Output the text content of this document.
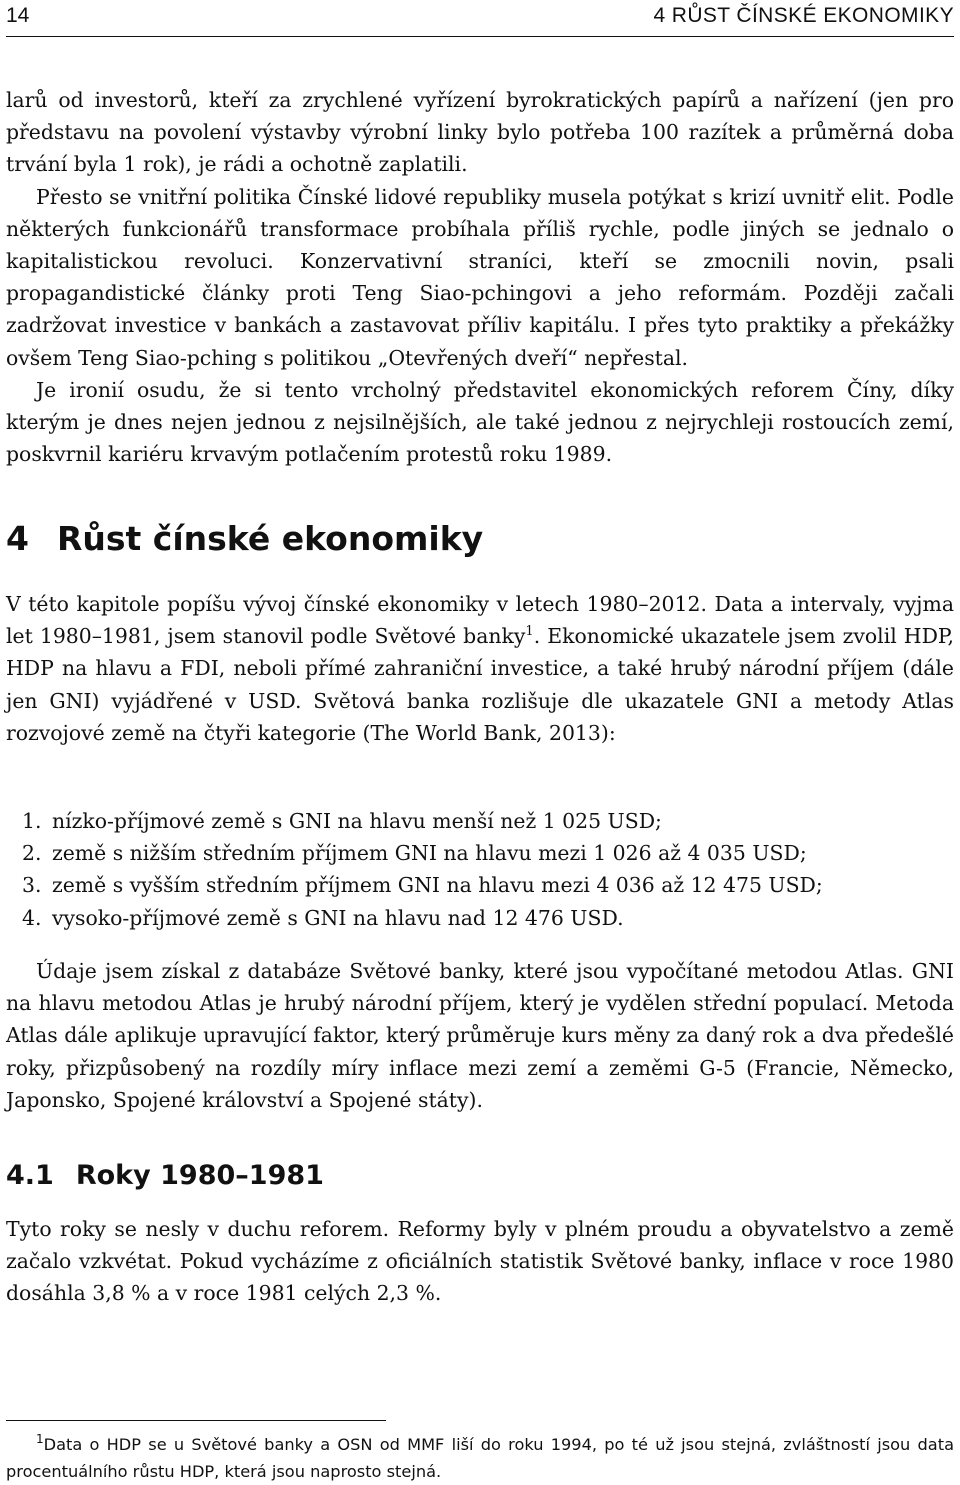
14	4 RŮST ČÍNSKÉ EKONOMIKY

larů od investorů, kteří za zrychlené vyřízení byrokratických papírů a nařízení (jen pro představu na povolení výstavby výrobní linky bylo potřeba 100 razítek a průměrná doba trvání byla 1 rok), je rádi a ochotně zaplatili.

Přesto se vnitřní politika Čínské lidové republiky musela potýkat s krizí uvnitř elit. Podle některých funkcionářů transformace probíhala příliš rychle, podle jiných se jednalo o kapitalistickou revoluci. Konzervativní straníci, kteří se zmocnili novin, psali propagandistické články proti Teng Siao-pchingovi a jeho reformám. Později začali zadržovat investice v bankách a zastavovat příliv kapitálu. I přes tyto praktiky a překážky ovšem Teng Siao-pching s politikou „Otevřených dveří“ nepřestal.

Je ironií osudu, že si tento vrcholný představitel ekonomických reforem Číny, díky kterým je dnes nejen jednou z nejsilnějších, ale také jednou z nejrychleji rostoucích zemí, poskvrnil kariéru krvavým potlačením protestů roku 1989.

4 Růst čínské ekonomiky

V této kapitole popíšu vývoj čínské ekonomiky v letech 1980–2012. Data a intervaly, vyjma let 1980–1981, jsem stanovil podle Světové banky$^1$. Ekonomické ukazatele jsem zvolil HDP, HDP na hlavu a FDI, neboli přímé zahraniční investice, a také hrubý národní příjem (dále jen GNI) vyjádřené v USD. Světová banka rozlišuje dle ukazatele GNI a metody Atlas rozvojové země na čtyři kategorie (The World Bank, 2013):

1. nízko-příjmové země s GNI na hlavu menší než 1 025 USD;
2. země s nižším středním příjmem GNI na hlavu mezi 1 026 až 4 035 USD;
3. země s vyšším středním příjmem GNI na hlavu mezi 4 036 až 12 475 USD;
4. vysoko-příjmové země s GNI na hlavu nad 12 476 USD.

Údaje jsem získal z databáze Světové banky, které jsou vypočítané metodou Atlas. GNI na hlavu metodou Atlas je hrubý národní příjem, který je vydělen střední populací. Metoda Atlas dále aplikuje upravující faktor, který průměruje kurs měny za daný rok a dva předešlé roky, přizpůsobený na rozdíly míry inflace mezi zemí a zeměmi G-5 (Francie, Německo, Japonsko, Spojené království a Spojené státy).

4.1 Roky 1980–1981

Tyto roky se nesly v duchu reforem. Reformy byly v plném proudu a obyvatelstvo a země začalo vzkvétat. Pokud vycházíme z oficiálních statistik Světové banky, inflace v roce 1980 dosáhla 3,8 % a v roce 1981 celých 2,3 %.

$^1$Data o HDP se u Světové banky a OSN od MMF liší do roku 1994, po té už jsou stejná, zvláštností jsou data procentuálního růstu HDP, která jsou naprosto stejná.
